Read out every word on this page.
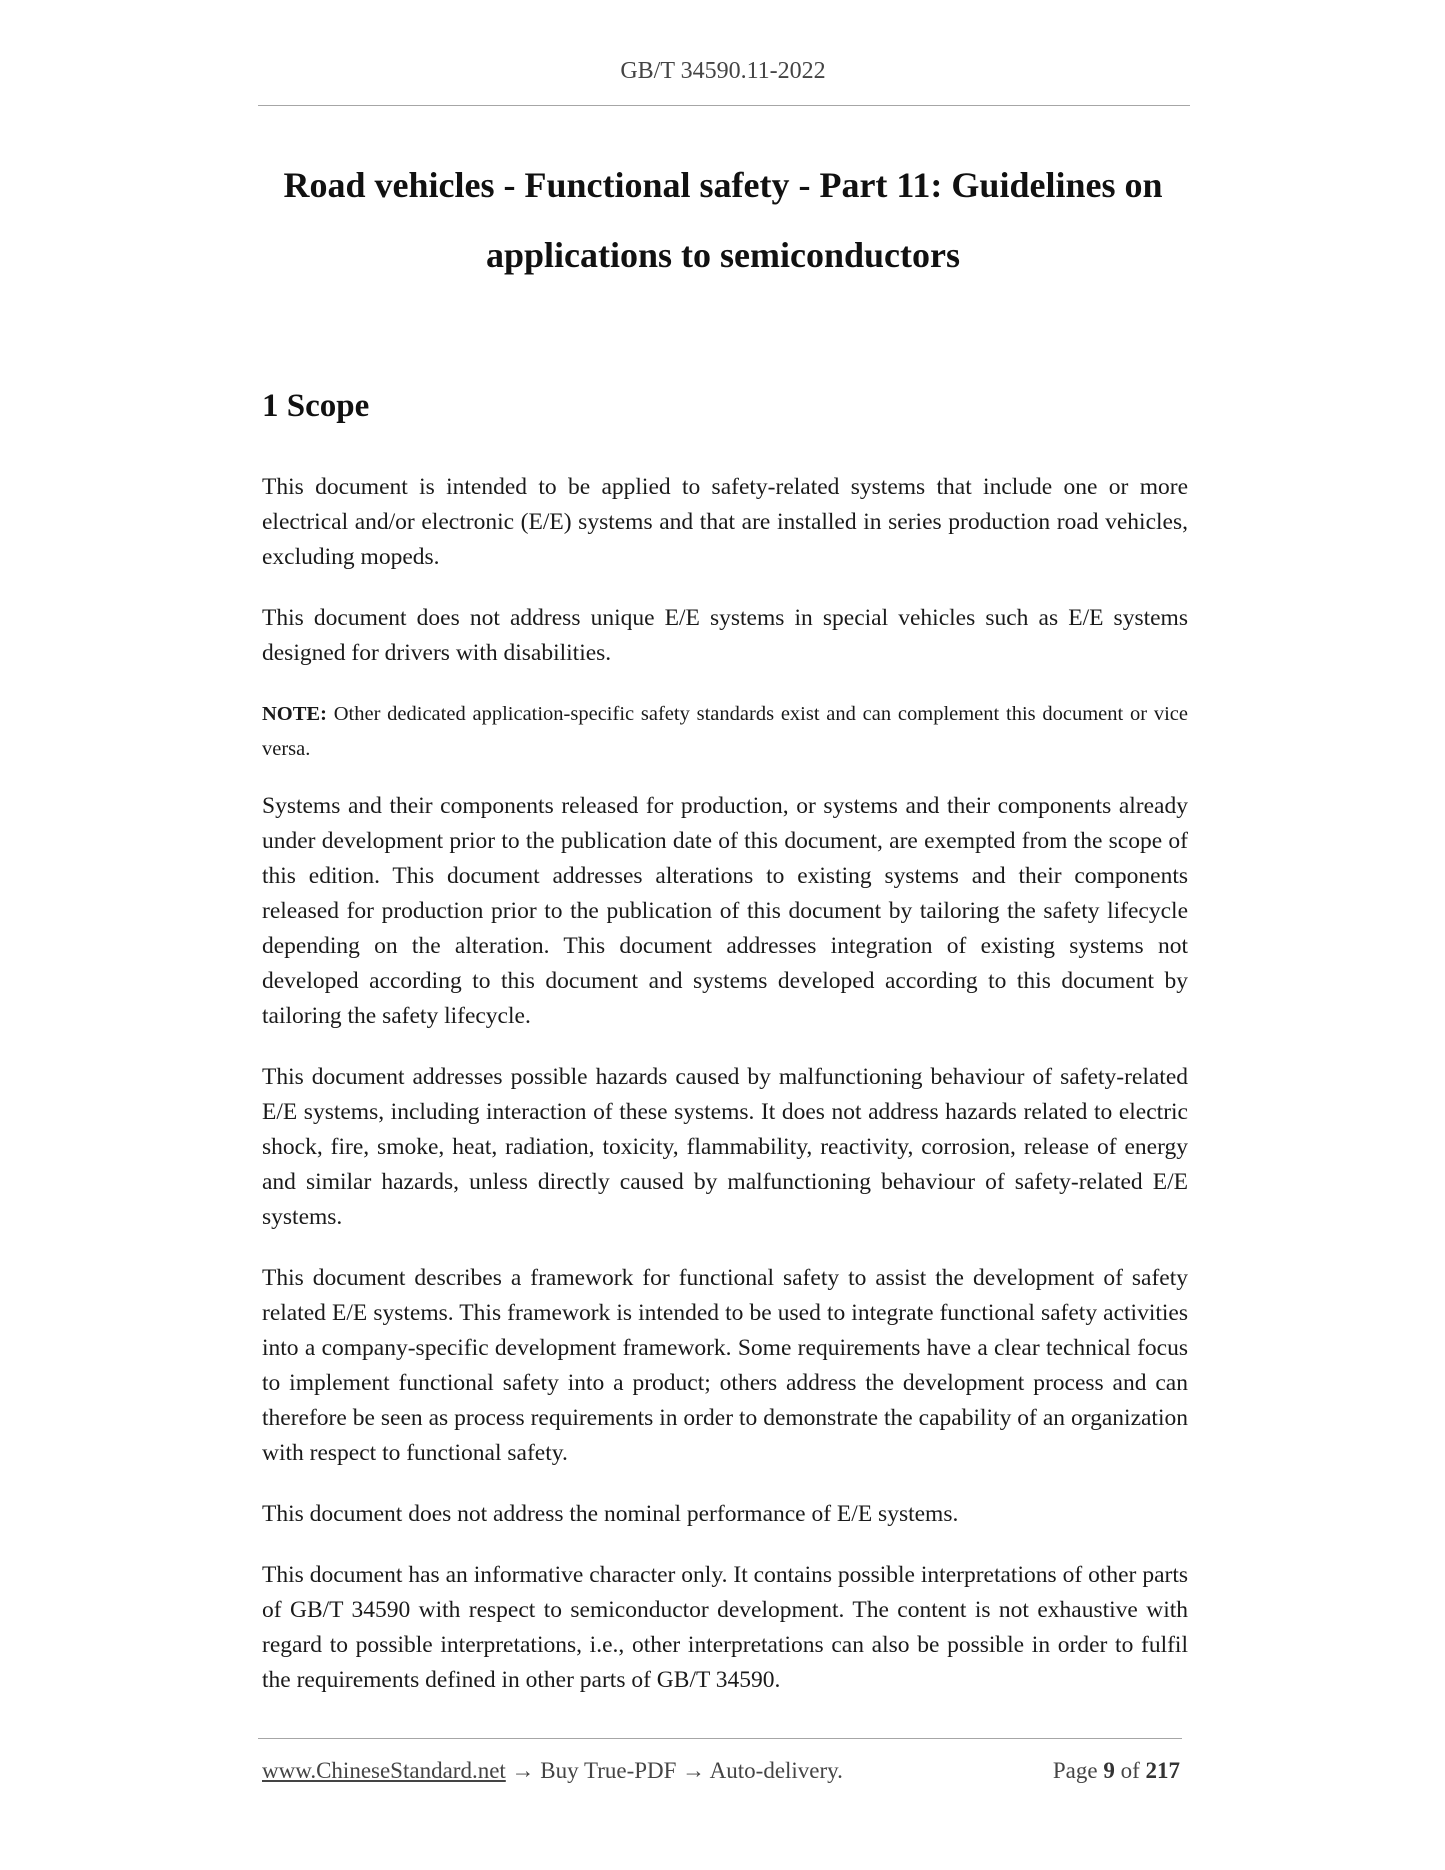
GB/T 34590.11-2022
Road vehicles - Functional safety - Part 11: Guidelines on
applications to semiconductors
1 Scope

This document is intended to be applied to safety-related systems that include one or more electrical and/or electronic (E/E) systems and that are installed in series production road vehicles, excluding mopeds.

This document does not address unique E/E systems in special vehicles such as E/E systems designed for drivers with disabilities.

NOTE: Other dedicated application-specific safety standards exist and can complement this document or vice versa.

Systems and their components released for production, or systems and their components already under development prior to the publication date of this document, are exempted from the scope of this edition. This document addresses alterations to existing systems and their components released for production prior to the publication of this document by tailoring the safety lifecycle depending on the alteration. This document addresses integration of existing systems not developed according to this document and systems developed according to this document by tailoring the safety lifecycle.

This document addresses possible hazards caused by malfunctioning behaviour of safety-related E/E systems, including interaction of these systems. It does not address hazards related to electric shock, fire, smoke, heat, radiation, toxicity, flammability, reactivity, corrosion, release of energy and similar hazards, unless directly caused by malfunctioning behaviour of safety-related E/E systems.

This document describes a framework for functional safety to assist the development of safety related E/E systems. This framework is intended to be used to integrate functional safety activities into a company-specific development framework. Some requirements have a clear technical focus to implement functional safety into a product; others address the development process and can therefore be seen as process requirements in order to demonstrate the capability of an organization with respect to functional safety.

This document does not address the nominal performance of E/E systems.

This document has an informative character only. It contains possible interpretations of other parts of GB/T 34590 with respect to semiconductor development. The content is not exhaustive with regard to possible interpretations, i.e., other interpretations can also be possible in order to fulfil the requirements defined in other parts of GB/T 34590.

www.ChineseStandard.net → Buy True-PDF → Auto-delivery.	Page 9 of 217
